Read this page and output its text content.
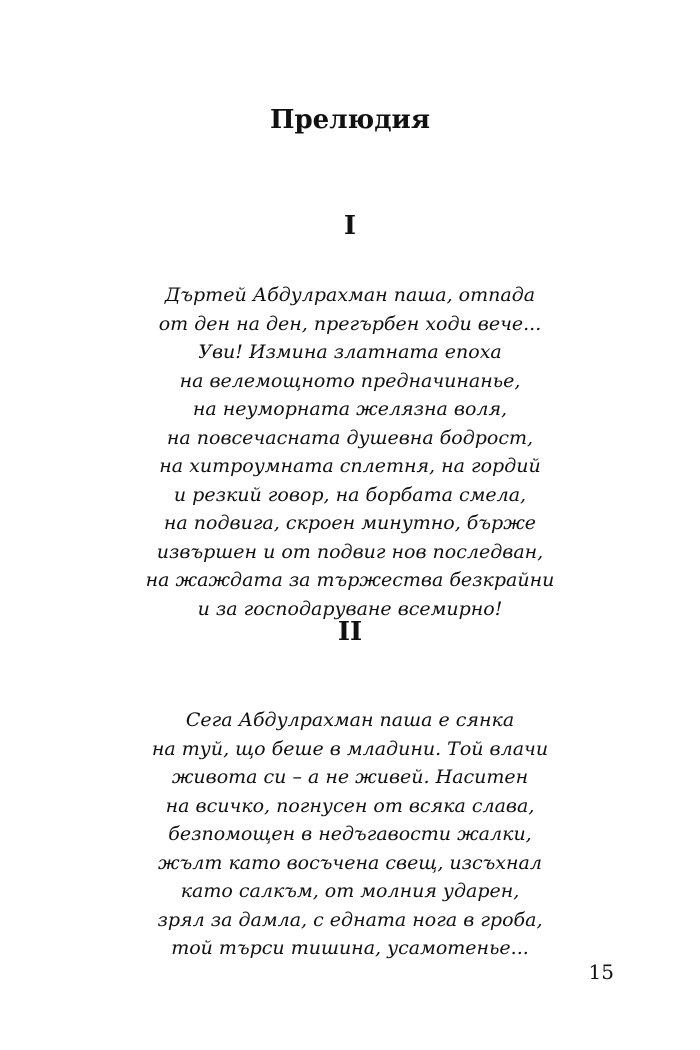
Прелюдия
I
Дъртей Абдулрахман паша, отпада
от ден на ден, прегърбен ходи вече...
Уви! Измина златната епоха
на велемощното предначинанье,
на неуморната желязна воля,
на повсечасната душевна бодрост,
на хитроумната сплетня, на гордий
и резкий говор, на борбата смела,
на подвига, скроен минутно, бърже
извършен и от подвиг нов последван,
на жаждата за тържества безкрайни
и за господаруване всемирно!
II
Сега Абдулрахман паша е сянка
на туй, що беше в младини. Той влачи
живота си – а не живей. Наситен
на всичко, погнусен от всяка слава,
безпомощен в недъгавости жалки,
жълт като восъчена свещ, изсъхнал
като салкъм, от молния ударен,
зрял за дамла, с едната нога в гроба,
той търси тишина, усамотенье...
15
